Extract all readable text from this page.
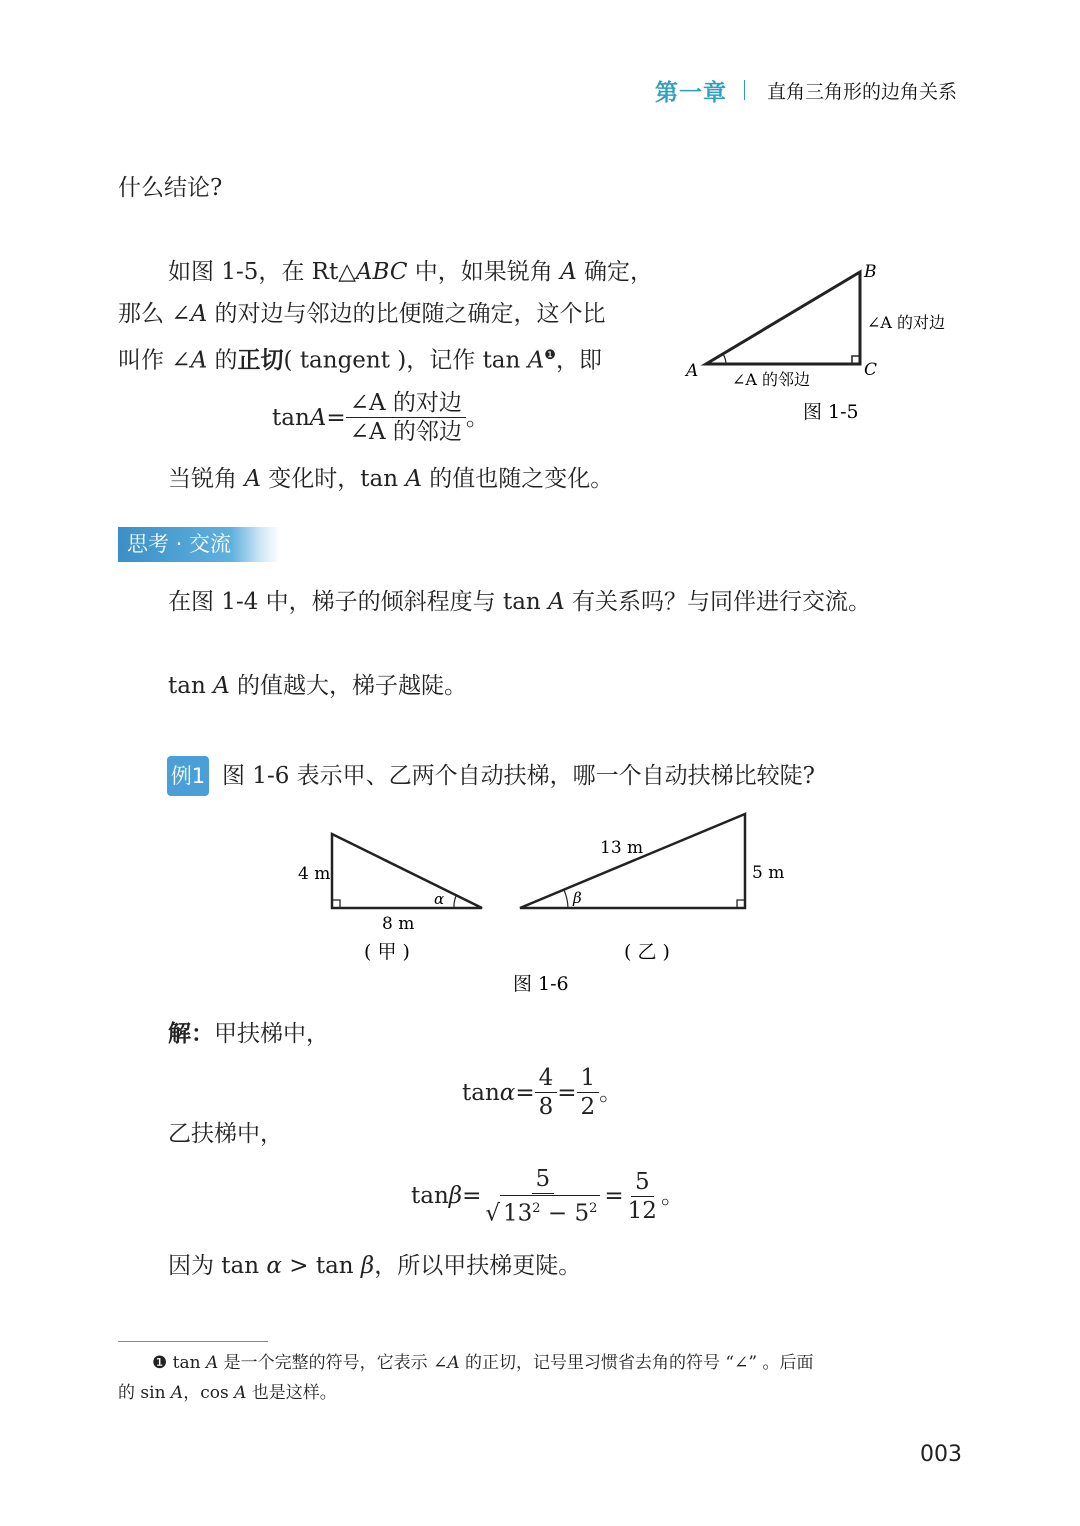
第一章 直角三角形的边角关系
什么结论?
如图 1-5，在 Rt△ABC 中，如果锐角 A 确定，
那么 ∠A 的对边与邻边的比便随之确定，这个比
叫作 ∠A 的正切( tangent )，记作 $\tan A^❶$，即
$\tan A = \frac{\text{∠A 的对边}}{\text{∠A 的邻边}}$ 。
当锐角 A 变化时，tan A 的值也随之变化。
B
A	C
∠A 的对边
∠A 的邻边
图 1-5
思考 · 交流
在图 1-4 中，梯子的倾斜程度与 tan A 有关系吗？与同伴进行交流。
tan A 的值越大，梯子越陡。
例1 图 1-6 表示甲、乙两个自动扶梯，哪一个自动扶梯比较陡?
4 m
8 m
α
( 甲 )
13 m
5 m
β
( 乙 )
图 1-6
解：甲扶梯中，
$\tan \alpha = \frac{4}{8} = \frac{1}{2}$ 。
乙扶梯中，
$\tan \beta = \frac{5}{√ 13^2 - 5^2} = \frac{5}{12}$ 。
因为 tan α > tan β，所以甲扶梯更陡。
❶ tan A 是一个完整的符号，它表示 ∠A 的正切，记号里习惯省去角的符号 “∠” 。后面
的 sin A，cos A 也是这样。
003
